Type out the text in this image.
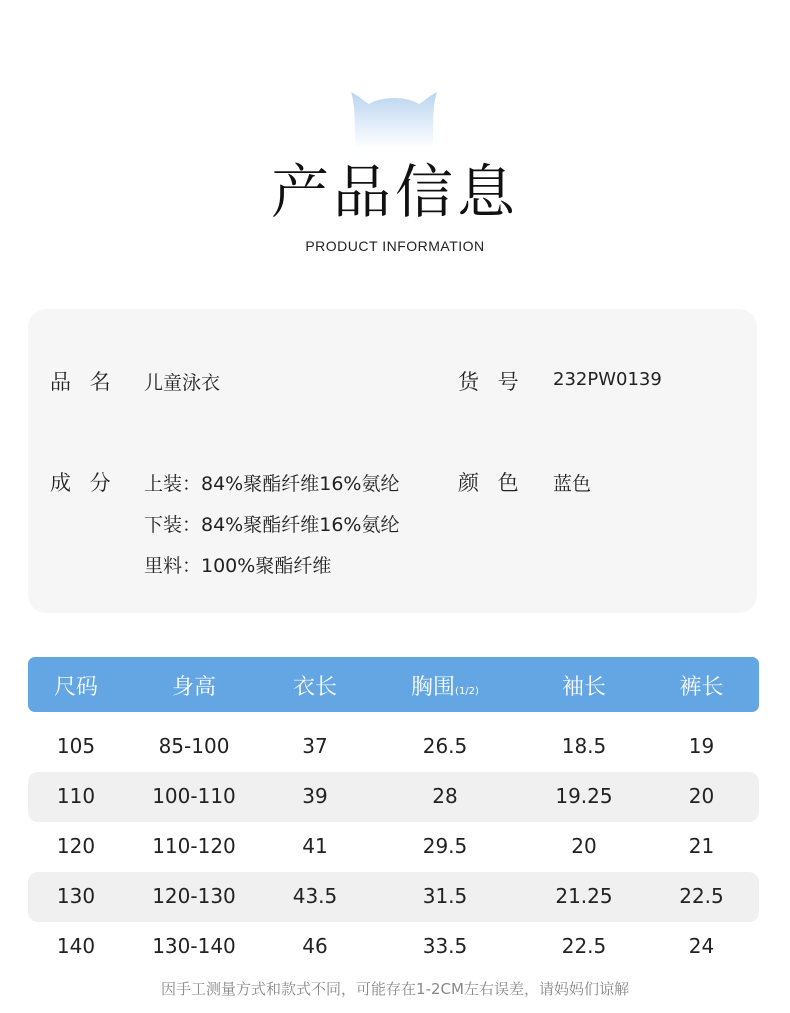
产品信息
PRODUCT INFORMATION
品 名 儿童泳衣	货 号 232PW0139
成 分 上装：84%聚酯纤维16%氨纶
下装：84%聚酯纤维16%氨纶
里料：100%聚酯纤维
颜 色 蓝色
尺码	身高	衣长	胸围(1/2)	袖长	裤长
105	85-100	37	26.5	18.5	19
110	100-110	39	28	19.25	20
120	110-120	41	29.5	20	21
130	120-130	43.5	31.5	21.25	22.5
140	130-140	46	33.5	22.5	24
因手工测量方式和款式不同，可能存在1-2CM左右误差，请妈妈们谅解
